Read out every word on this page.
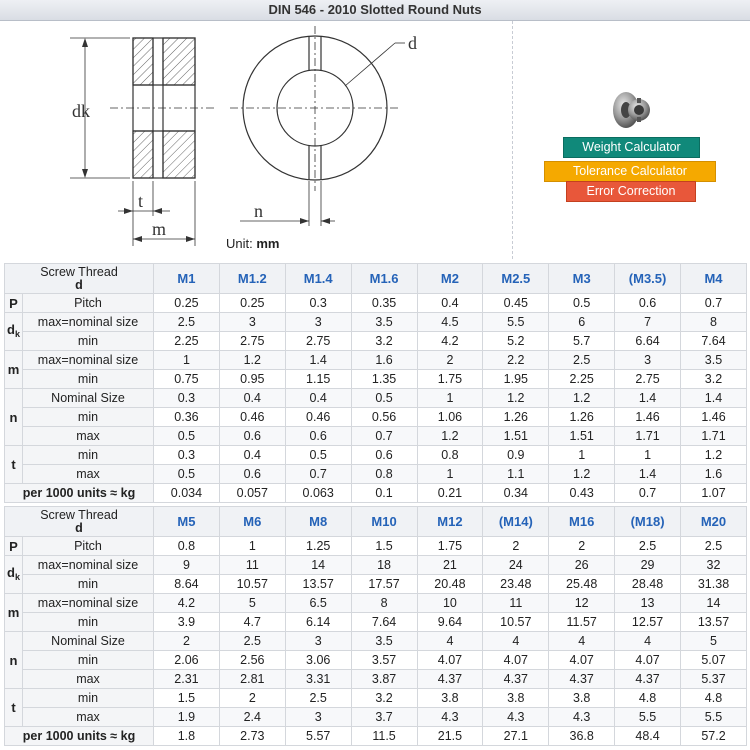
DIN 546 - 2010 Slotted Round Nuts
dk
d
t
m
n
Unit: mm
Weight Calculator
Tolerance Calculator
Error Correction
Screw Thread
d		M1	M1.2	M1.4	M1.6	M2	M2.5	M3	(M3.5)	M4
P	Pitch	0.25	0.25	0.3	0.35	0.4	0.45	0.5	0.6	0.7
$d_k$	max=nominal size	2.5	3	3	3.5	4.5	5.5	6	7	8
	min	2.25	2.75	2.75	3.2	4.2	5.2	5.7	6.64	7.64
m	max=nominal size	1	1.2	1.4	1.6	2	2.2	2.5	3	3.5
	min	0.75	0.95	1.15	1.35	1.75	1.95	2.25	2.75	3.2
n	Nominal Size	0.3	0.4	0.4	0.5	1	1.2	1.2	1.4	1.4
	min	0.36	0.46	0.46	0.56	1.06	1.26	1.26	1.46	1.46
	max	0.5	0.6	0.6	0.7	1.2	1.51	1.51	1.71	1.71
t	min	0.3	0.4	0.5	0.6	0.8	0.9	1	1	1.2
	max	0.5	0.6	0.7	0.8	1	1.1	1.2	1.4	1.6
per 1000 units ≈ kg		0.034	0.057	0.063	0.1	0.21	0.34	0.43	0.7	1.07
Screw Thread
d		M5	M6	M8	M10	M12	(M14)	M16	(M18)	M20
P	Pitch	0.8	1	1.25	1.5	1.75	2	2	2.5	2.5
$d_k$	max=nominal size	9	11	14	18	21	24	26	29	32
	min	8.64	10.57	13.57	17.57	20.48	23.48	25.48	28.48	31.38
m	max=nominal size	4.2	5	6.5	8	10	11	12	13	14
	min	3.9	4.7	6.14	7.64	9.64	10.57	11.57	12.57	13.57
n	Nominal Size	2	2.5	3	3.5	4	4	4	4	5
	min	2.06	2.56	3.06	3.57	4.07	4.07	4.07	4.07	5.07
	max	2.31	2.81	3.31	3.87	4.37	4.37	4.37	4.37	5.37
t	min	1.5	2	2.5	3.2	3.8	3.8	3.8	4.8	4.8
	max	1.9	2.4	3	3.7	4.3	4.3	4.3	5.5	5.5
per 1000 units ≈ kg		1.8	2.73	5.57	11.5	21.5	27.1	36.8	48.4	57.2
